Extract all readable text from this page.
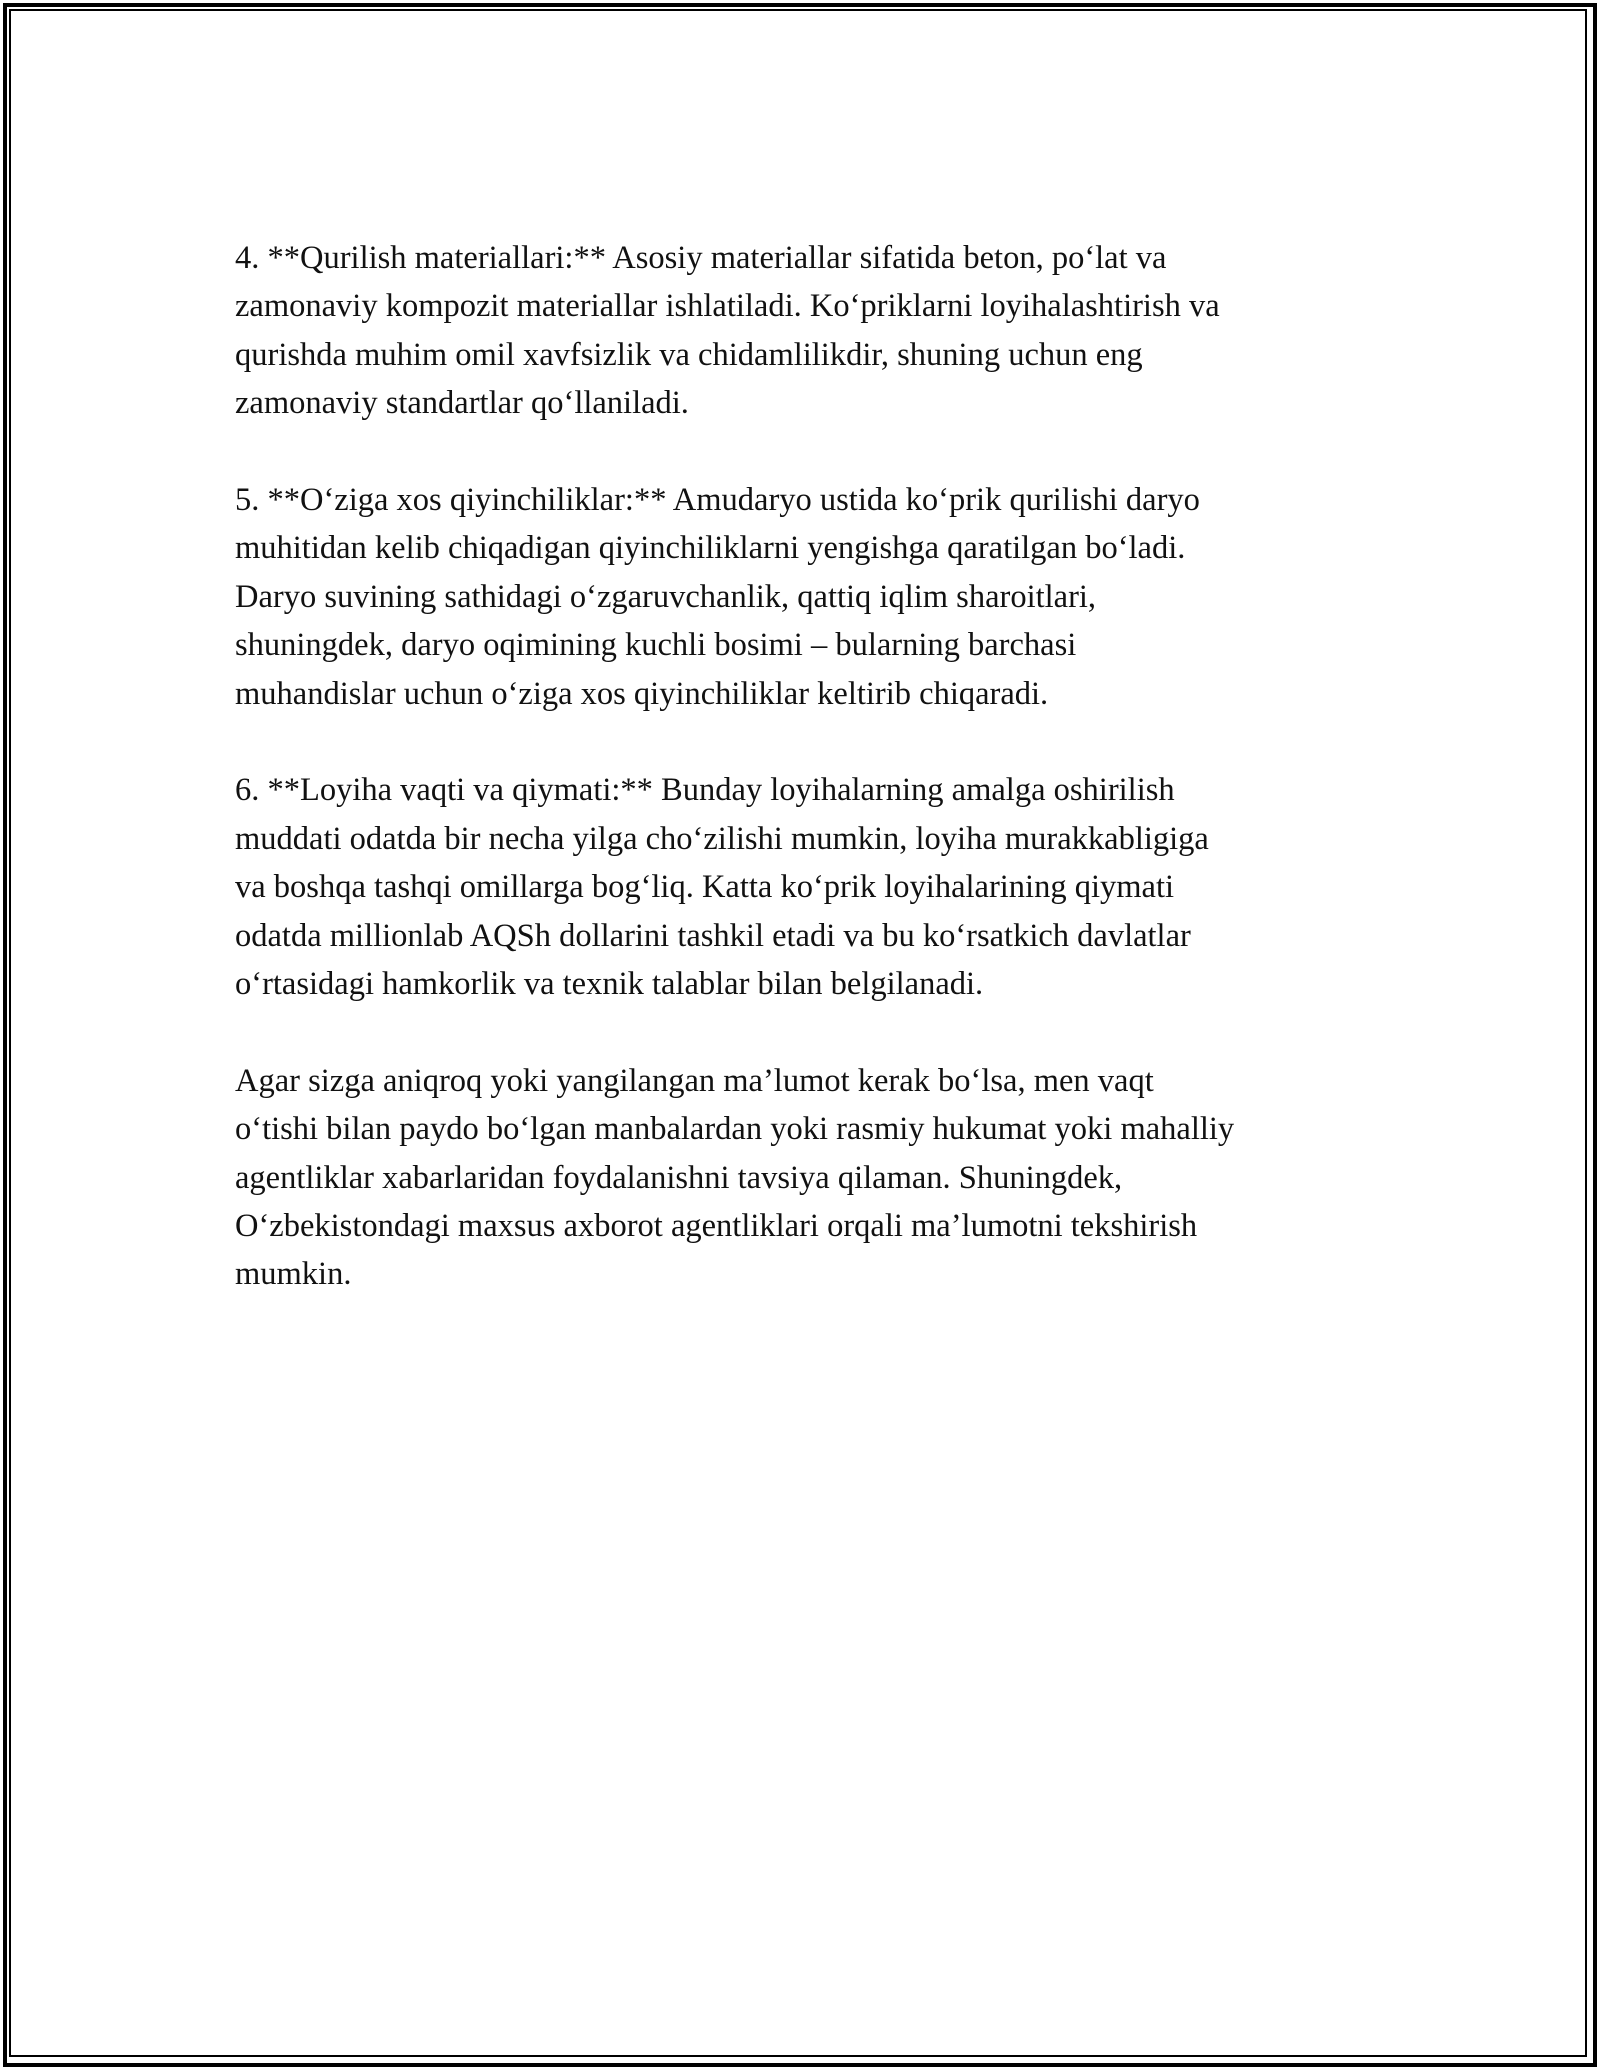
4. **Qurilish materiallari:** Asosiy materiallar sifatida beton, po‘lat va
zamonaviy kompozit materiallar ishlatiladi. Ko‘priklarni loyihalashtirish va
qurishda muhim omil xavfsizlik va chidamlilikdir, shuning uchun eng
zamonaviy standartlar qo‘llaniladi.

5. **O‘ziga xos qiyinchiliklar:** Amudaryo ustida ko‘prik qurilishi daryo
muhitidan kelib chiqadigan qiyinchiliklarni yengishga qaratilgan bo‘ladi.
Daryo suvining sathidagi o‘zgaruvchanlik, qattiq iqlim sharoitlari,
shuningdek, daryo oqimining kuchli bosimi – bularning barchasi
muhandislar uchun o‘ziga xos qiyinchiliklar keltirib chiqaradi.

6. **Loyiha vaqti va qiymati:** Bunday loyihalarning amalga oshirilish
muddati odatda bir necha yilga cho‘zilishi mumkin, loyiha murakkabligiga
va boshqa tashqi omillarga bog‘liq. Katta ko‘prik loyihalarining qiymati
odatda millionlab AQSh dollarini tashkil etadi va bu ko‘rsatkich davlatlar
o‘rtasidagi hamkorlik va texnik talablar bilan belgilanadi.

Agar sizga aniqroq yoki yangilangan ma’lumot kerak bo‘lsa, men vaqt
o‘tishi bilan paydo bo‘lgan manbalardan yoki rasmiy hukumat yoki mahalliy
agentliklar xabarlaridan foydalanishni tavsiya qilaman. Shuningdek,
O‘zbekistondagi maxsus axborot agentliklari orqali ma’lumotni tekshirish
mumkin.
